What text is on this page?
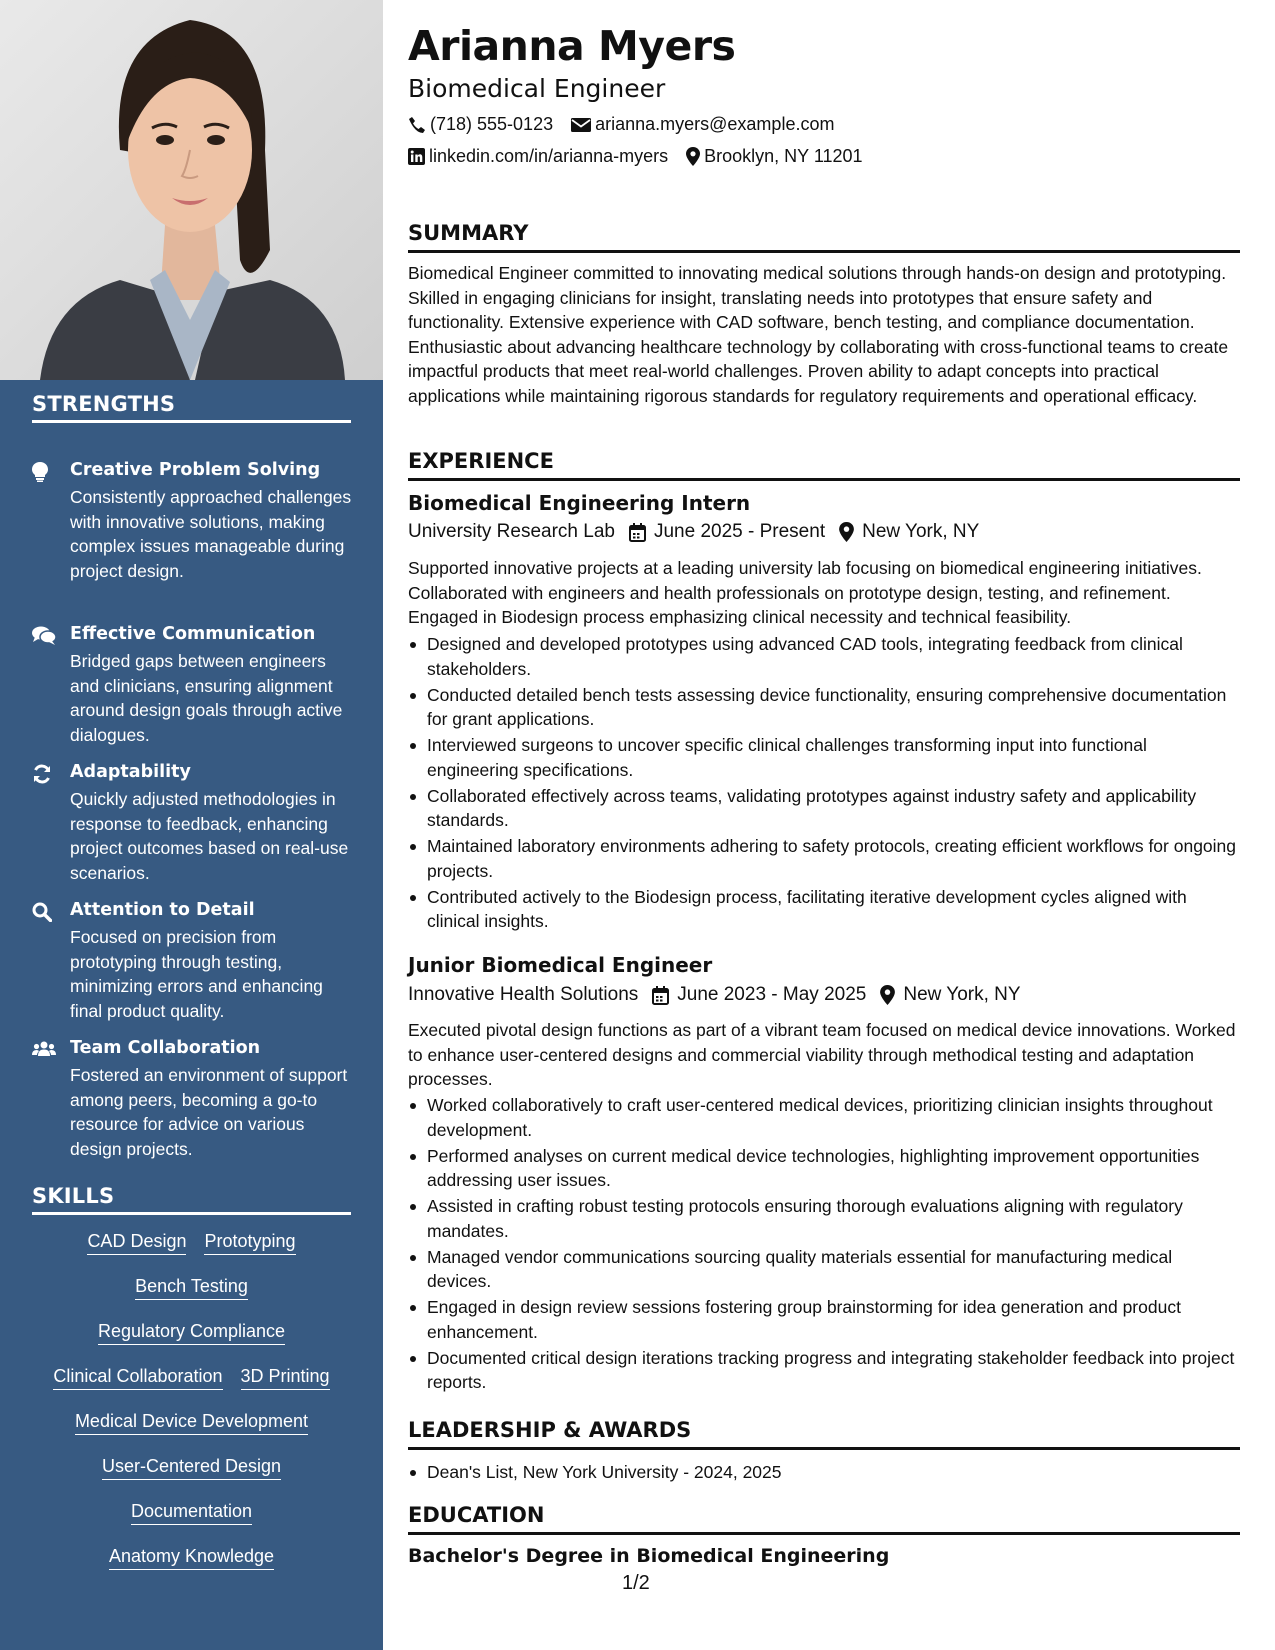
STRENGTHS
Creative Problem Solving
Consistently approached challenges with innovative solutions, making complex issues manageable during project design.
Effective Communication
Bridged gaps between engineers and clinicians, ensuring alignment around design goals through active dialogues.
Adaptability
Quickly adjusted methodologies in response to feedback, enhancing project outcomes based on real-use scenarios.
Attention to Detail
Focused on precision from prototyping through testing, minimizing errors and enhancing final product quality.
Team Collaboration
Fostered an environment of support among peers, becoming a go-to resource for advice on various design projects.
SKILLS
CAD Design Prototyping
Bench Testing
Regulatory Compliance
Clinical Collaboration 3D Printing
Medical Device Development
User-Centered Design
Documentation
Anatomy Knowledge
Arianna Myers
Biomedical Engineer
(718) 555-0123 arianna.myers@example.com
linkedin.com/in/arianna-myers Brooklyn, NY 11201
SUMMARY
Biomedical Engineer committed to innovating medical solutions through hands-on design and prototyping. Skilled in engaging clinicians for insight, translating needs into prototypes that ensure safety and functionality. Extensive experience with CAD software, bench testing, and compliance documentation. Enthusiastic about advancing healthcare technology by collaborating with cross-functional teams to create impactful products that meet real-world challenges. Proven ability to adapt concepts into practical applications while maintaining rigorous standards for regulatory requirements and operational efficacy.
EXPERIENCE
Biomedical Engineering Intern
University Research Lab June 2025 - Present New York, NY
Supported innovative projects at a leading university lab focusing on biomedical engineering initiatives. Collaborated with engineers and health professionals on prototype design, testing, and refinement. Engaged in Biodesign process emphasizing clinical necessity and technical feasibility.
Designed and developed prototypes using advanced CAD tools, integrating feedback from clinical stakeholders.
Conducted detailed bench tests assessing device functionality, ensuring comprehensive documentation for grant applications.
Interviewed surgeons to uncover specific clinical challenges transforming input into functional engineering specifications.
Collaborated effectively across teams, validating prototypes against industry safety and applicability standards.
Maintained laboratory environments adhering to safety protocols, creating efficient workflows for ongoing projects.
Contributed actively to the Biodesign process, facilitating iterative development cycles aligned with clinical insights.
Junior Biomedical Engineer
Innovative Health Solutions June 2023 - May 2025 New York, NY
Executed pivotal design functions as part of a vibrant team focused on medical device innovations. Worked to enhance user-centered designs and commercial viability through methodical testing and adaptation processes.
Worked collaboratively to craft user-centered medical devices, prioritizing clinician insights throughout development.
Performed analyses on current medical device technologies, highlighting improvement opportunities addressing user issues.
Assisted in crafting robust testing protocols ensuring thorough evaluations aligning with regulatory mandates.
Managed vendor communications sourcing quality materials essential for manufacturing medical devices.
Engaged in design review sessions fostering group brainstorming for idea generation and product enhancement.
Documented critical design iterations tracking progress and integrating stakeholder feedback into project reports.
LEADERSHIP & AWARDS
Dean's List, New York University - 2024, 2025
EDUCATION
Bachelor's Degree in Biomedical Engineering
1/2
